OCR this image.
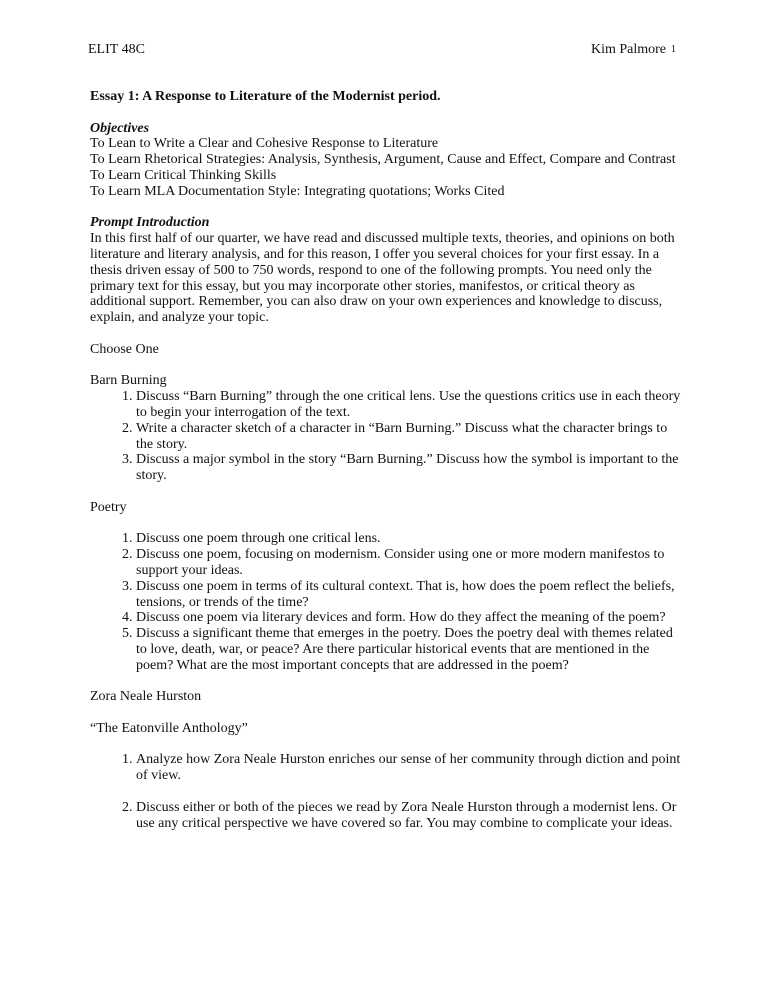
ELIT 48C	Kim Palmore 1

Essay 1: A Response to Literature of the Modernist period.

Objectives

To Lean to Write a Clear and Cohesive Response to Literature

To Learn Rhetorical Strategies: Analysis, Synthesis, Argument, Cause and Effect, Compare and Contrast

To Learn Critical Thinking Skills

To Learn MLA Documentation Style: Integrating quotations; Works Cited

Prompt Introduction

In this first half of our quarter, we have read and discussed multiple texts, theories, and opinions on both literature and literary analysis, and for this reason, I offer you several choices for your first essay. In a thesis driven essay of 500 to 750 words, respond to one of the following prompts. You need only the primary text for this essay, but you may incorporate other stories, manifestos, or critical theory as additional support. Remember, you can also draw on your own experiences and knowledge to discuss, explain, and analyze your topic.

Choose One

Barn Burning

1. Discuss “Barn Burning” through the one critical lens. Use the questions critics use in each theory to begin your interrogation of the text.
2. Write a character sketch of a character in “Barn Burning.” Discuss what the character brings to the story.
3. Discuss a major symbol in the story “Barn Burning.” Discuss how the symbol is important to the story.

Poetry

1. Discuss one poem through one critical lens.
2. Discuss one poem, focusing on modernism. Consider using one or more modern manifestos to support your ideas.
3. Discuss one poem in terms of its cultural context. That is, how does the poem reflect the beliefs, tensions, or trends of the time?
4. Discuss one poem via literary devices and form. How do they affect the meaning of the poem?
5. Discuss a significant theme that emerges in the poetry. Does the poetry deal with themes related to love, death, war, or peace? Are there particular historical events that are mentioned in the poem? What are the most important concepts that are addressed in the poem?

Zora Neale Hurston

“The Eatonville Anthology”

1. Analyze how Zora Neale Hurston enriches our sense of her community through diction and point of view.
2. Discuss either or both of the pieces we read by Zora Neale Hurston through a modernist lens. Or use any critical perspective we have covered so far. You may combine to complicate your ideas.
